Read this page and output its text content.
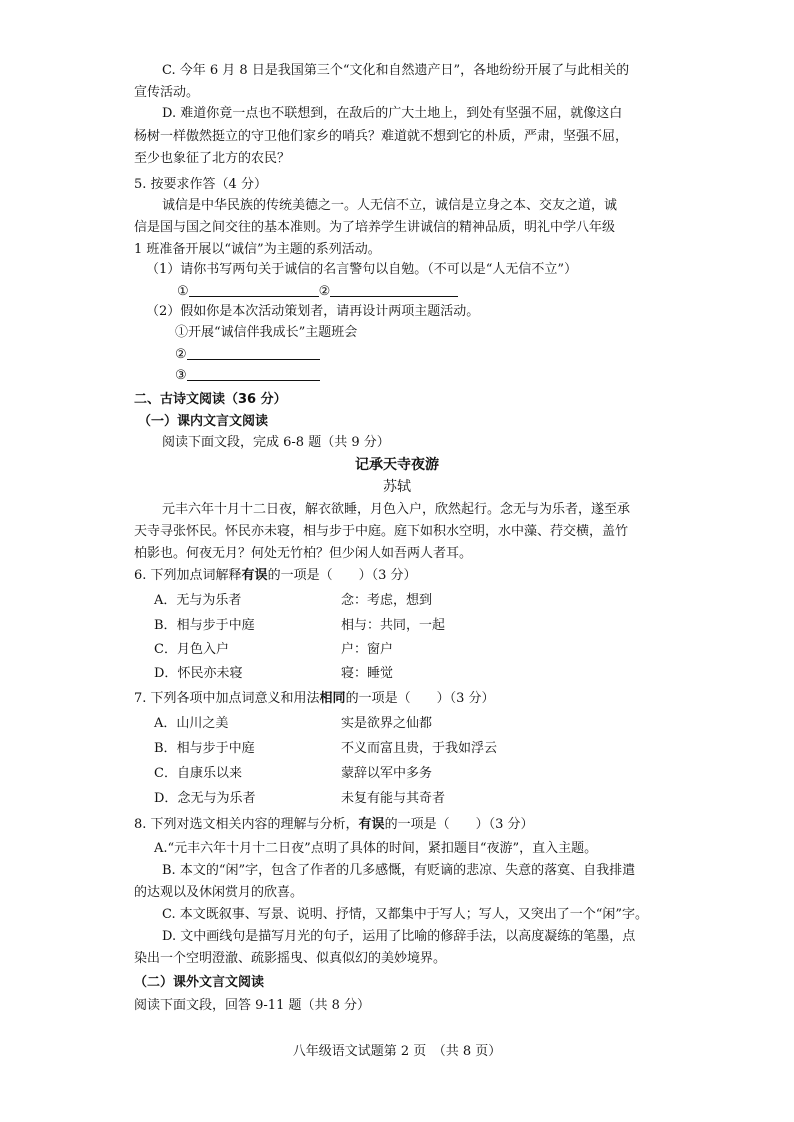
C. 今年 6 月 8 日是我国第三个“文化和自然遗产日”，各地纷纷开展了与此相关的
宣传活动。
D. 难道你竟一点也不联想到，在敌后的广大土地上，到处有坚强不屈，就像这白
杨树一样傲然挺立的守卫他们家乡的哨兵？难道就不想到它的朴质，严肃，坚强不屈，
至少也象征了北方的农民？
5. 按要求作答（4 分）
诚信是中华民族的传统美德之一。人无信不立，诚信是立身之本、交友之道，诚
信是国与国之间交往的基本准则。为了培养学生讲诚信的精神品质，明礼中学八年级
1 班准备开展以“诚信”为主题的系列活动。
（1）请你书写两句关于诚信的名言警句以自勉。（不可以是“人无信不立”）
①	②
（2）假如你是本次活动策划者，请再设计两项主题活动。
①开展“诚信伴我成长”主题班会
②
③
二、古诗文阅读（36 分）
（一）课内文言文阅读
阅读下面文段，完成 6-8 题（共 9 分）
记承天寺夜游
苏轼
元丰六年十月十二日夜，解衣欲睡，月色入户，欣然起行。念无与为乐者，遂至承
天寺寻张怀民。怀民亦未寝，相与步于中庭。庭下如积水空明，水中藻、荇交横，盖竹
柏影也。何夜无月？何处无竹柏？但少闲人如吾两人者耳。
6. 下列加点词解释有误的一项是（　　）（3 分）
A．无与为乐者	念：考虑，想到
B．相与步于中庭	相与：共同，一起
C．月色入户	户：窗户
D．怀民亦未寝	寝：睡觉
7. 下列各项中加点词意义和用法相同的一项是（　　）（3 分）
A．山川之美	实是欲界之仙都
B．相与步于中庭	不义而富且贵，于我如浮云
C．自康乐以来	蒙辞以军中多务
D．念无与为乐者	未复有能与其奇者
8. 下列对选文相关内容的理解与分析，有误的一项是（　　）（3 分）
A.“元丰六年十月十二日夜”点明了具体的时间，紧扣题目“夜游”，直入主题。
B. 本文的“闲”字，包含了作者的几多感慨，有贬谪的悲凉、失意的落寞、自我排遣
的达观以及休闲赏月的欣喜。
C. 本文既叙事、写景、说明、抒情，又都集中于写人；写人，又突出了一个“闲”字。
D. 文中画线句是描写月光的句子，运用了比喻的修辞手法，以高度凝练的笔墨，点
染出一个空明澄澈、疏影摇曳、似真似幻的美妙境界。
（二）课外文言文阅读
阅读下面文段，回答 9-11 题（共 8 分）
八年级语文试题第 2 页　（共 8 页）
